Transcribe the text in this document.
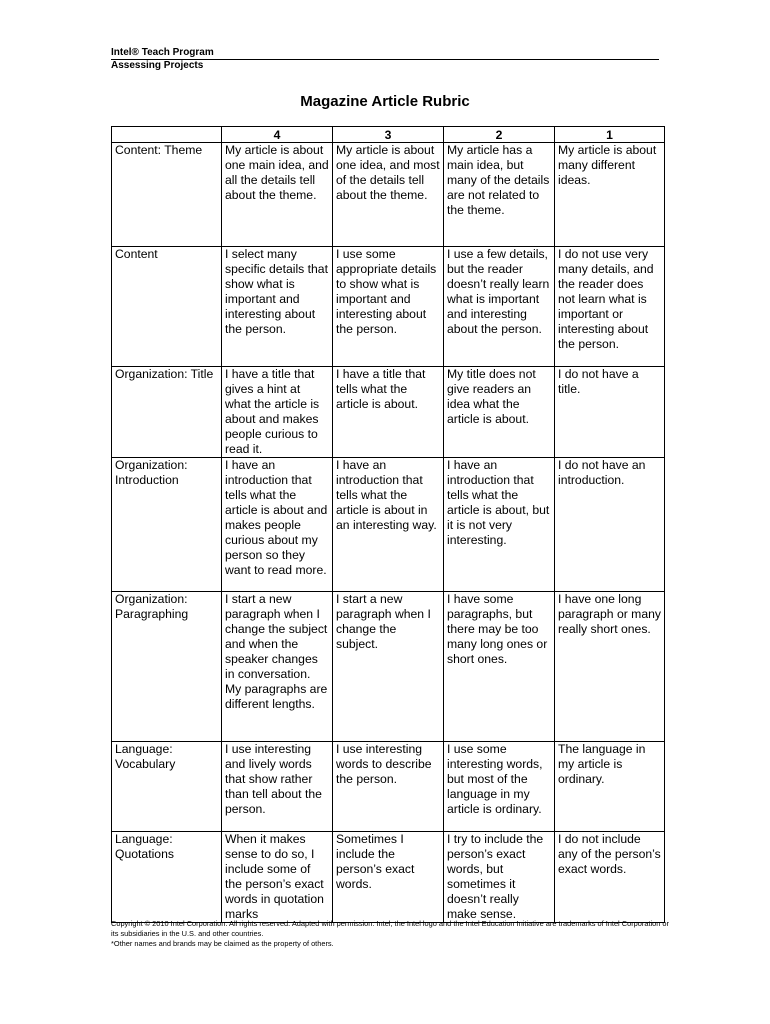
Intel® Teach Program
Assessing Projects
Magazine Article Rubric
	4	3	2	1
Content: Theme	My article is about one main idea, and all the details tell about the theme.	My article is about one idea, and most of the details tell about the theme.	My article has a main idea, but many of the details are not related to the theme.	My article is about many different ideas.
Content	I select many specific details that show what is important and interesting about the person.	I use some appropriate details to show what is important and interesting about the person.	I use a few details, but the reader doesn’t really learn what is important and interesting about the person.	I do not use very many details, and the reader does not learn what is important or interesting about the person.
Organization: Title	I have a title that gives a hint at what the article is about and makes people curious to read it.	I have a title that tells what the article is about.	My title does not give readers an idea what the article is about.	I do not have a title.
Organization: Introduction	I have an introduction that tells what the article is about and makes people curious about my person so they want to read more.	I have an introduction that tells what the article is about in an interesting way.	I have an introduction that tells what the article is about, but it is not very interesting.	I do not have an introduction.
Organization: Paragraphing	I start a new paragraph when I change the subject and when the speaker changes in conversation. My paragraphs are different lengths.	I start a new paragraph when I change the subject.	I have some paragraphs, but there may be too many long ones or short ones.	I have one long paragraph or many really short ones.
Language: Vocabulary	I use interesting and lively words that show rather than tell about the person.	I use interesting words to describe the person.	I use some interesting words, but most of the language in my article is ordinary.	The language in my article is ordinary.
Language: Quotations	When it makes sense to do so, I include some of the person’s exact words in quotation marks	Sometimes I include the person’s exact words.	I try to include the person’s exact words, but sometimes it doesn’t really make sense.	I do not include any of the person’s exact words.
Copyright © 2010 Intel Corporation. All rights reserved. Adapted with permission. Intel, the Intel logo and the Intel Education Initiative are trademarks of Intel Corporation or its subsidiaries in the U.S. and other countries.
*Other names and brands may be claimed as the property of others.
